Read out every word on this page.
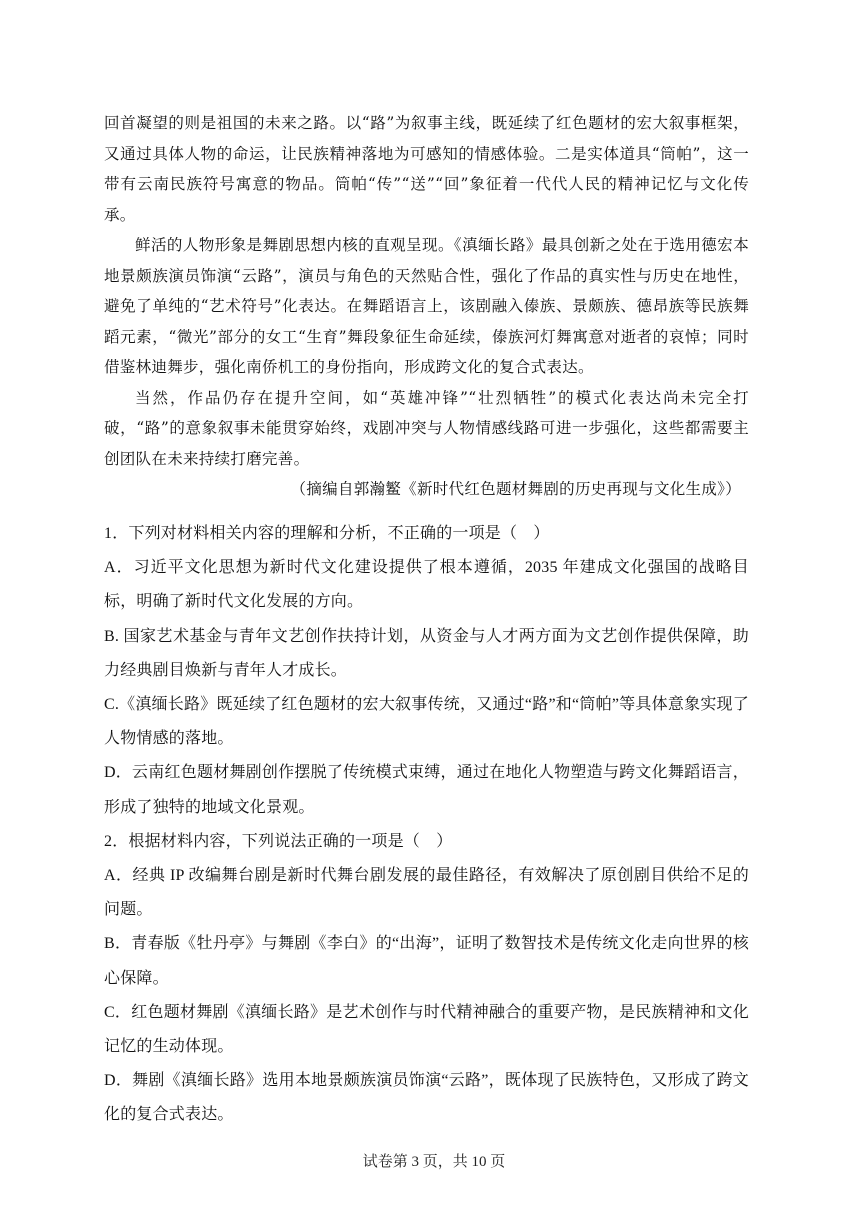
回首凝望的则是祖国的未来之路。以“路”为叙事主线，既延续了红色题材的宏大叙事框架，又通过具体人物的命运，让民族精神落地为可感知的情感体验。二是实体道具“筒帕”，这一带有云南民族符号寓意的物品。筒帕“传”“送”“回”象征着一代代人民的精神记忆与文化传承。

鲜活的人物形象是舞剧思想内核的直观呈现。《滇缅长路》最具创新之处在于选用德宏本地景颇族演员饰演“云路”，演员与角色的天然贴合性，强化了作品的真实性与历史在地性，避免了单纯的“艺术符号”化表达。在舞蹈语言上，该剧融入傣族、景颇族、德昂族等民族舞蹈元素，“微光”部分的女工“生育”舞段象征生命延续，傣族河灯舞寓意对逝者的哀悼；同时借鉴林迪舞步，强化南侨机工的身份指向，形成跨文化的复合式表达。

当然，作品仍存在提升空间，如“英雄冲锋”“壮烈牺牲”的模式化表达尚未完全打破，“路”的意象叙事未能贯穿始终，戏剧冲突与人物情感线路可进一步强化，这些都需要主创团队在未来持续打磨完善。

（摘编自郭瀚鳘《新时代红色题材舞剧的历史再现与文化生成》）

1．下列对材料相关内容的理解和分析，不正确的一项是（　）

A．习近平文化思想为新时代文化建设提供了根本遵循，2035 年建成文化强国的战略目标，明确了新时代文化发展的方向。

B. 国家艺术基金与青年文艺创作扶持计划，从资金与人才两方面为文艺创作提供保障，助力经典剧目焕新与青年人才成长。

C.《滇缅长路》既延续了红色题材的宏大叙事传统，又通过“路”和“筒帕”等具体意象实现了人物情感的落地。

D．云南红色题材舞剧创作摆脱了传统模式束缚，通过在地化人物塑造与跨文化舞蹈语言，形成了独特的地域文化景观。

2．根据材料内容，下列说法正确的一项是（　）

A．经典 IP 改编舞台剧是新时代舞台剧发展的最佳路径，有效解决了原创剧目供给不足的问题。

B．青春版《牡丹亭》与舞剧《李白》的“出海”，证明了数智技术是传统文化走向世界的核心保障。

C．红色题材舞剧《滇缅长路》是艺术创作与时代精神融合的重要产物，是民族精神和文化记忆的生动体现。

D．舞剧《滇缅长路》选用本地景颇族演员饰演“云路”，既体现了民族特色，又形成了跨文化的复合式表达。

试卷第 3 页，共 10 页
